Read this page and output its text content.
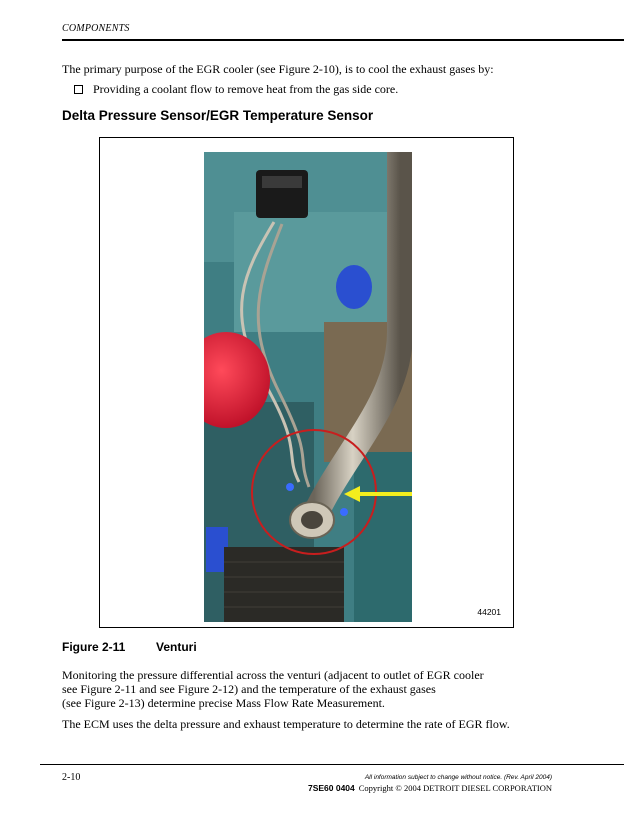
COMPONENTS
The primary purpose of the EGR cooler (see Figure 2-10), is to cool the exhaust gases by:
Providing a coolant flow to remove heat from the gas side core.
Delta Pressure Sensor/EGR Temperature Sensor
44201
Figure 2-11	Venturi
Monitoring the pressure differential across the venturi (adjacent to outlet of EGR cooler
see Figure 2-11 and see Figure 2-12) and the temperature of the exhaust gases
(see Figure 2-13) determine precise Mass Flow Rate Measurement.
The ECM uses the delta pressure and exhaust temperature to determine the rate of EGR flow.
2-10	All information subject to change without notice. (Rev. April 2004)
7SE60 0404 Copyright © 2004 DETROIT DIESEL CORPORATION
